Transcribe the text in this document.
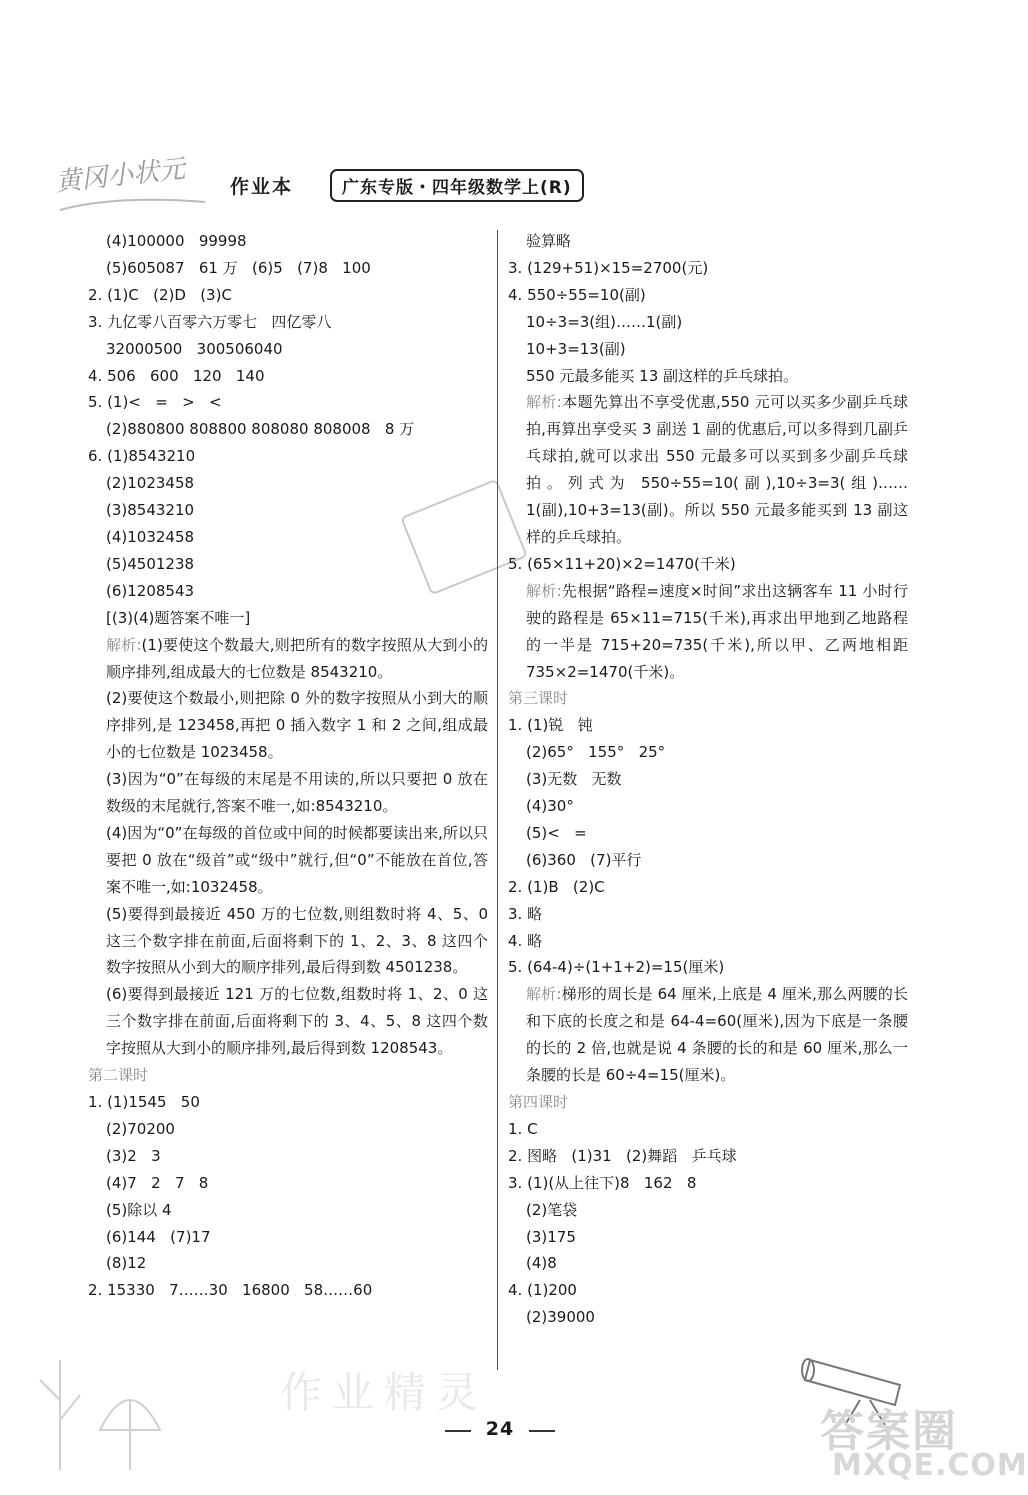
黄冈小状元 作业本	广东专版・四年级数学上(R)
(4)100000   99998
(5)605087   61 万   (6)5   (7)8   100
2. (1)C   (2)D   (3)C
3. 九亿零八百零六万零七   四亿零八
32000500   300506040
4. 506   600   120   140
5. (1)<   =   >   <
(2)880800 808800 808080 808008   8 万
6. (1)8543210
(2)1023458
(3)8543210
(4)1032458
(5)4501238
(6)1208543
[(3)(4)题答案不唯一]
解析:(1)要使这个数最大,则把所有的数字按照从大到小的顺序排列,组成最大的七位数是 8543210。
(2)要使这个数最小,则把除 0 外的数字按照从小到大的顺序排列,是 123458,再把 0 插入数字 1 和 2 之间,组成最小的七位数是 1023458。
(3)因为“0”在每级的末尾是不用读的,所以只要把 0 放在数级的末尾就行,答案不唯一,如:8543210。
(4)因为“0”在每级的首位或中间的时候都要读出来,所以只要把 0 放在“级首”或“级中”就行,但“0”不能放在首位,答案不唯一,如:1032458。
(5)要得到最接近 450 万的七位数,则组数时将 4、5、0 这三个数字排在前面,后面将剩下的 1、2、3、8 这四个数字按照从小到大的顺序排列,最后得到数 4501238。
(6)要得到最接近 121 万的七位数,组数时将 1、2、0 这三个数字排在前面,后面将剩下的 3、4、5、8 这四个数字按照从大到小的顺序排列,最后得到数 1208543。
第二课时
1. (1)1545   50
(2)70200
(3)2   3
(4)7   2   7   8
(5)除以 4
(6)144   (7)17
(8)12
2. 15330   7……30   16800   58……60
验算略
3. (129+51)×15=2700(元)
4. 550÷55=10(副)
10÷3=3(组)……1(副)
10+3=13(副)
550 元最多能买 13 副这样的乒乓球拍。
解析:本题先算出不享受优惠,550 元可以买多少副乒乓球拍,再算出享受买 3 副送 1 副的优惠后,可以多得到几副乒乓球拍,就可以求出 550 元最多可以买到多少副乒乓球拍。列式为 550÷55=10(副),10÷3=3(组)……1(副),10+3=13(副)。所以 550 元最多能买到 13 副这样的乒乓球拍。
5. (65×11+20)×2=1470(千米)
解析:先根据“路程=速度×时间”求出这辆客车 11 小时行驶的路程是 65×11=715(千米),再求出甲地到乙地路程的一半是 715+20=735(千米),所以甲、乙两地相距 735×2=1470(千米)。
第三课时
1. (1)锐   钝
(2)65°   155°   25°
(3)无数   无数
(4)30°
(5)<   =
(6)360   (7)平行
2. (1)B   (2)C
3. 略
4. 略
5. (64-4)÷(1+1+2)=15(厘米)
解析:梯形的周长是 64 厘米,上底是 4 厘米,那么两腰的长和下底的长度之和是 64-4=60(厘米),因为下底是一条腰的长的 2 倍,也就是说 4 条腰的长的和是 60 厘米,那么一条腰的长是 60÷4=15(厘米)。
第四课时
1. C
2. 图略   (1)31   (2)舞蹈   乒乓球
3. (1)(从上往下)8   162   8
(2)笔袋
(3)175
(4)8
4. (1)200
(2)39000
作业精灵
答案圈
MXQE.COM
24
